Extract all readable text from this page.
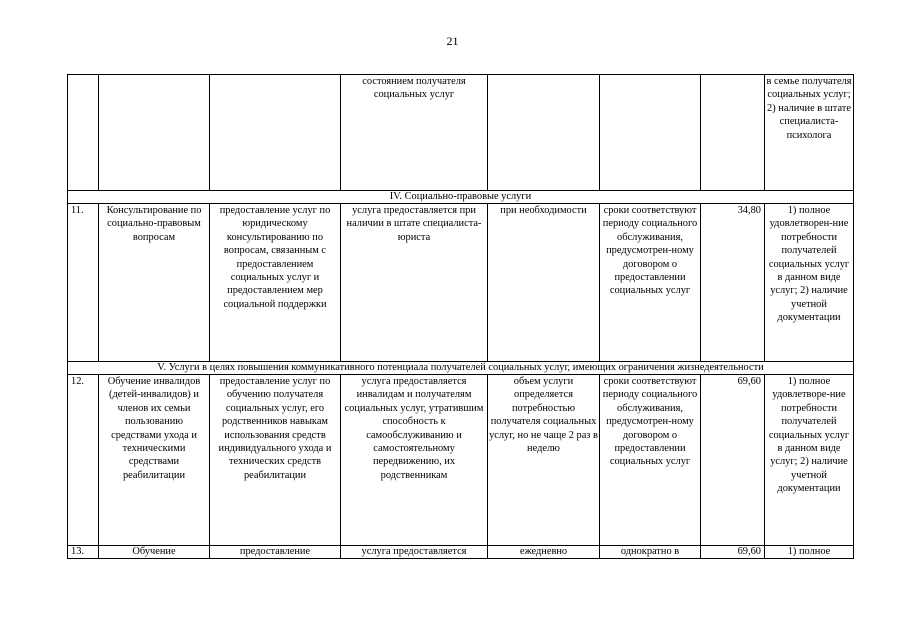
21
			состоянием получателя социальных услуг				в семье получателя социальных услуг; 2) наличие в штате специалиста-психолога
IV. Социально-правовые услуги							
11.	Консультирование по социально-правовым вопросам	предоставление услуг по юридическому консультированию по вопросам, связанным с предоставлением социальных услуг и предоставлением мер социальной поддержки	услуга предоставляется при наличии в штате специалиста-юриста	при необходимости	сроки соответствуют периоду социального обслуживания, предусмотрен-ному договором о предоставлении социальных услуг	34,80	1) полное удовлетворен-ние потребности получателей социальных услуг в данном виде услуг; 2) наличие учетной документации
V. Услуги в целях повышения коммуникативного потенциала получателей социальных услуг, имеющих ограничения жизнедеятельности							
12.	Обучение инвалидов (детей-инвалидов) и членов их семьи пользованию средствами ухода и техническими средствами реабилитации	предоставление услуг по обучению получателя социальных услуг, его родственников навыкам использования средств индивидуального ухода и технических средств реабилитации	услуга предоставляется инвалидам и получателям социальных услуг, утратившим способность к самообслуживанию и самостоятельному передвижению, их родственникам	объем услуги определяется потребностью получателя социальных услуг, но не чаще 2 раз в неделю	сроки соответствуют периоду социального обслуживания, предусмотрен-ному договором о предоставлении социальных услуг	69,60	1) полное удовлетворе-ние потребности получателей социальных услуг в данном виде услуг; 2) наличие учетной документации
13.	Обучение	предоставление	услуга предоставляется	ежедневно	однократно в	69,60	1) полное
